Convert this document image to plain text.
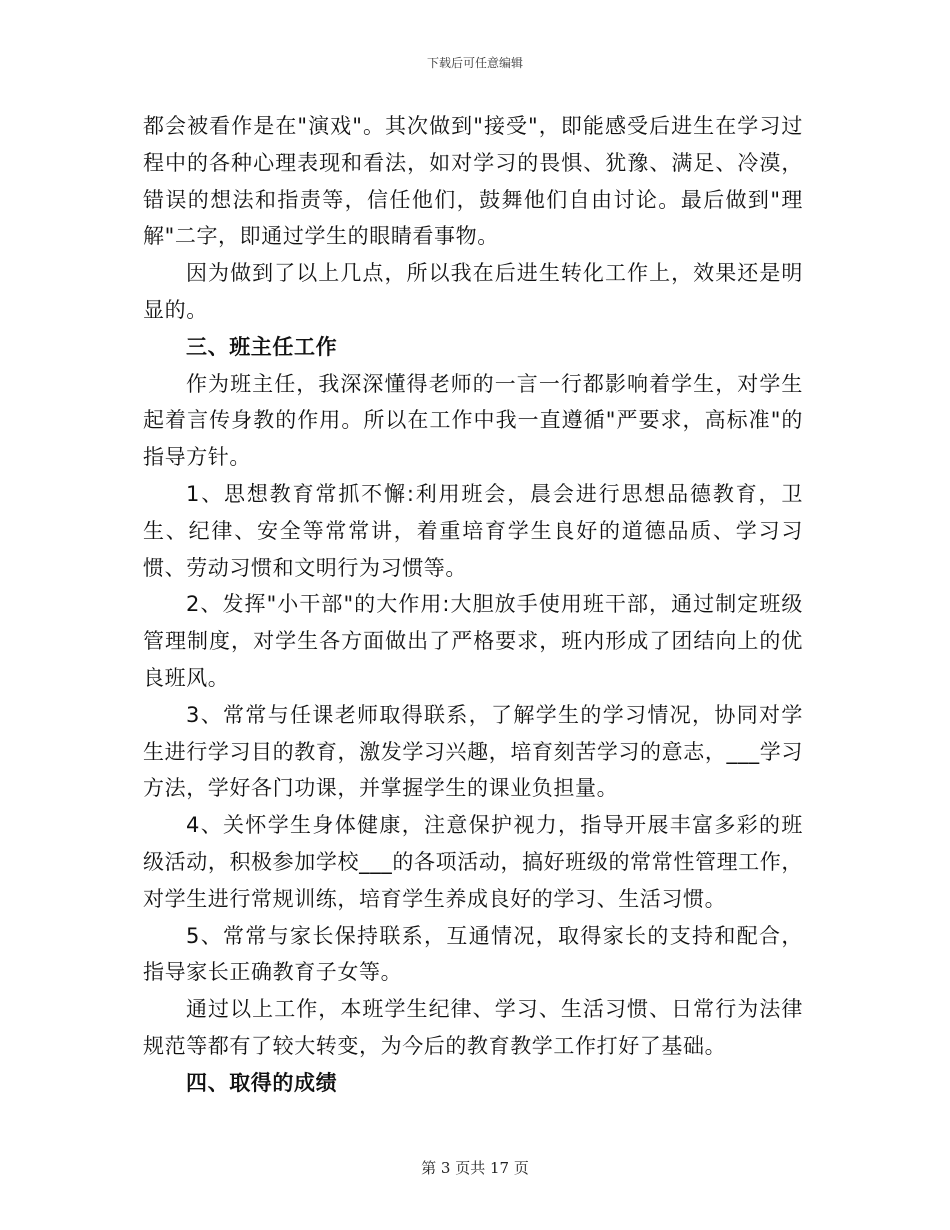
下载后可任意编辑

都会被看作是在"演戏"。其次做到"接受"，即能感受后进生在学习过程中的各种心理表现和看法，如对学习的畏惧、犹豫、满足、冷漠，错误的想法和指责等，信任他们，鼓舞他们自由讨论。最后做到"理解"二字，即通过学生的眼睛看事物。

因为做到了以上几点，所以我在后进生转化工作上，效果还是明显的。

三、班主任工作

作为班主任，我深深懂得老师的一言一行都影响着学生，对学生起着言传身教的作用。所以在工作中我一直遵循"严要求，高标准"的指导方针。

1、思想教育常抓不懈:利用班会，晨会进行思想品德教育，卫生、纪律、安全等常常讲，着重培育学生良好的道德品质、学习习惯、劳动习惯和文明行为习惯等。

2、发挥"小干部"的大作用:大胆放手使用班干部，通过制定班级管理制度，对学生各方面做出了严格要求，班内形成了团结向上的优良班风。

3、常常与任课老师取得联系，了解学生的学习情况，协同对学生进行学习目的教育，激发学习兴趣，培育刻苦学习的意志，___学习方法，学好各门功课，并掌握学生的课业负担量。

4、关怀学生身体健康，注意保护视力，指导开展丰富多彩的班级活动，积极参加学校___的各项活动，搞好班级的常常性管理工作，对学生进行常规训练，培育学生养成良好的学习、生活习惯。

5、常常与家长保持联系，互通情况，取得家长的支持和配合，指导家长正确教育子女等。

通过以上工作，本班学生纪律、学习、生活习惯、日常行为法律规范等都有了较大转变，为今后的教育教学工作打好了基础。

四、取得的成绩

第 3 页共 17 页
